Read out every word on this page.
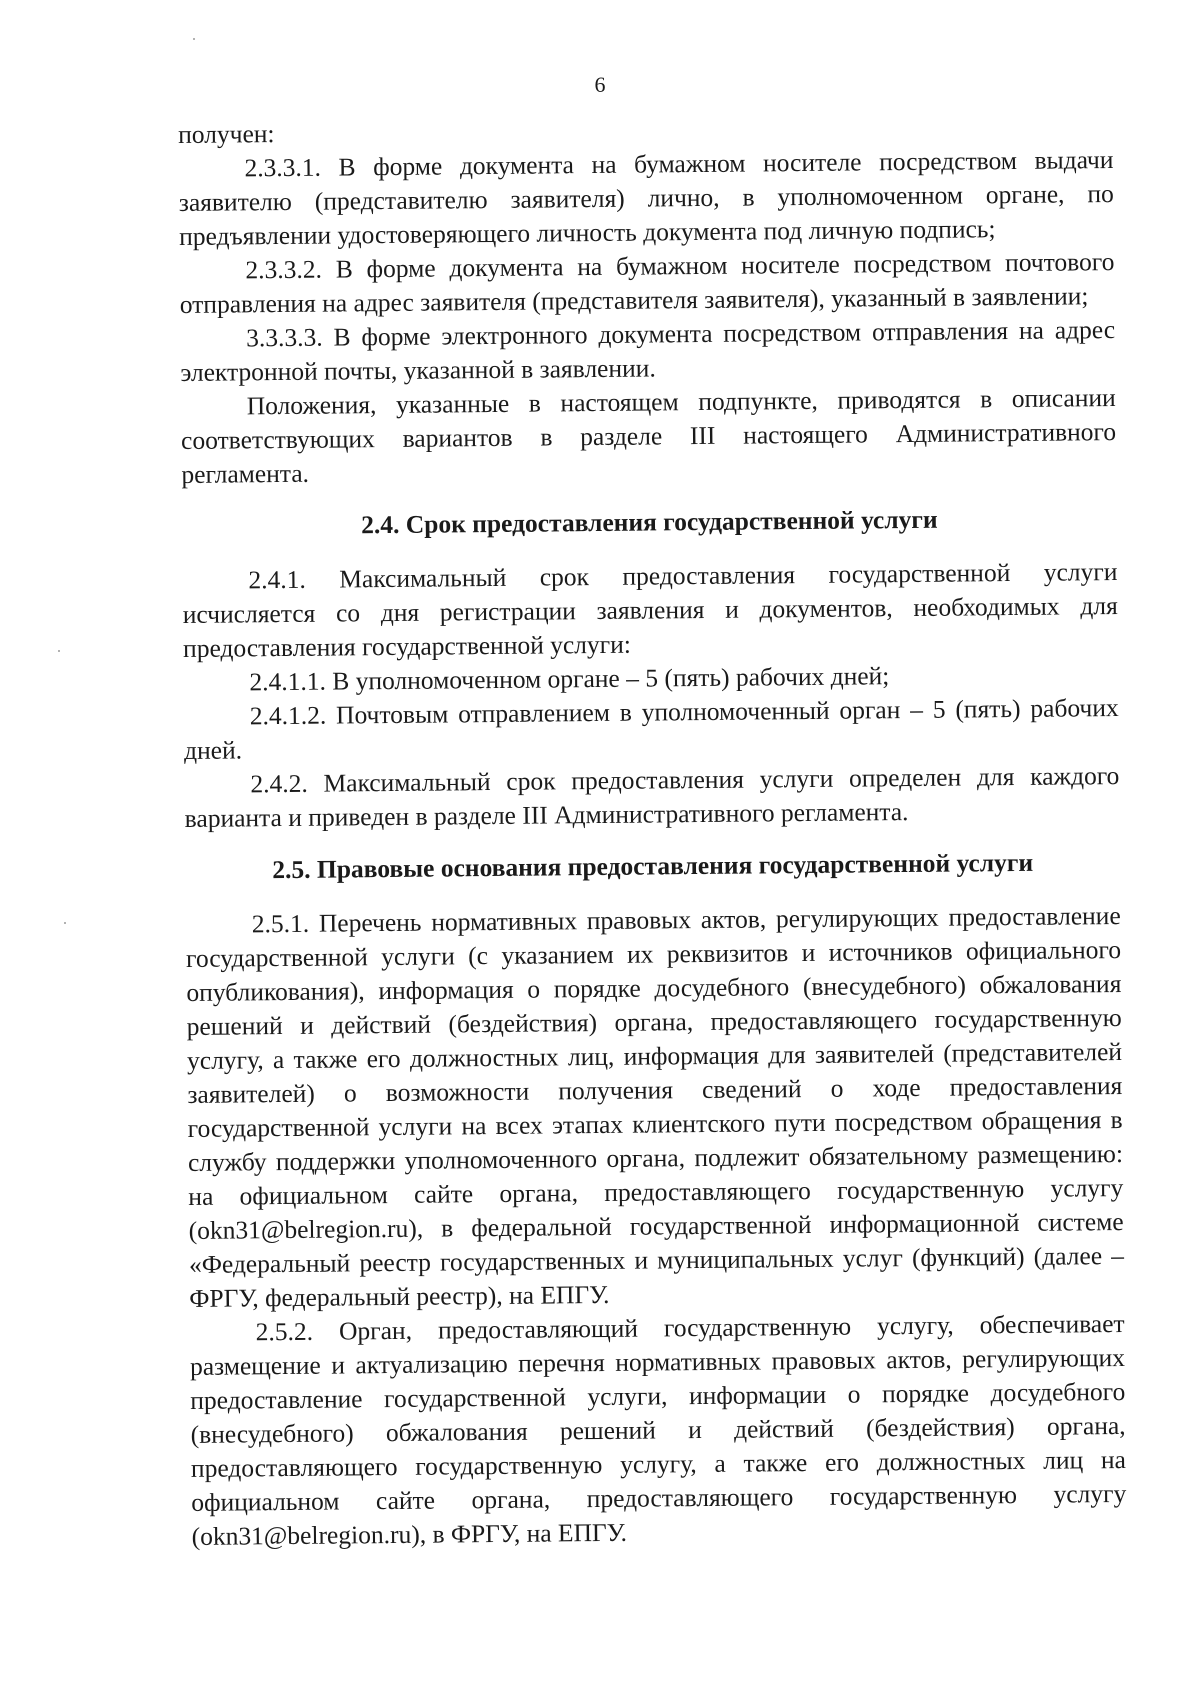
6

получен:

2.3.3.1. В форме документа на бумажном носителе посредством выдачи заявителю (представителю заявителя) лично, в уполномоченном органе, по предъявлении удостоверяющего личность документа под личную подпись;

2.3.3.2. В форме документа на бумажном носителе посредством почтового отправления на адрес заявителя (представителя заявителя), указанный в заявлении;

3.3.3.3. В форме электронного документа посредством отправления на адрес электронной почты, указанной в заявлении.

Положения, указанные в настоящем подпункте, приводятся в описании соответствующих вариантов в разделе III настоящего Административного регламента.

2.4. Срок предоставления государственной услуги

2.4.1. Максимальный срок предоставления государственной услуги исчисляется со дня регистрации заявления и документов, необходимых для предоставления государственной услуги:

2.4.1.1. В уполномоченном органе – 5 (пять) рабочих дней;

2.4.1.2. Почтовым отправлением в уполномоченный орган – 5 (пять) рабочих дней.

2.4.2. Максимальный срок предоставления услуги определен для каждого варианта и приведен в разделе III Административного регламента.

2.5. Правовые основания предоставления государственной услуги

2.5.1. Перечень нормативных правовых актов, регулирующих предоставление государственной услуги (с указанием их реквизитов и источников официального опубликования), информация о порядке досудебного (внесудебного) обжалования решений и действий (бездействия) органа, предоставляющего государственную услугу, а также его должностных лиц, информация для заявителей (представителей заявителей) о возможности получения сведений о ходе предоставления государственной услуги на всех этапах клиентского пути посредством обращения в службу поддержки уполномоченного органа, подлежит обязательному размещению: на официальном сайте органа, предоставляющего государственную услугу (okn31@belregion.ru), в федеральной государственной информационной системе «Федеральный реестр государственных и муниципальных услуг (функций) (далее – ФРГУ, федеральный реестр), на ЕПГУ.

2.5.2. Орган, предоставляющий государственную услугу, обеспечивает размещение и актуализацию перечня нормативных правовых актов, регулирующих предоставление государственной услуги, информации о порядке досудебного (внесудебного) обжалования решений и действий (бездействия) органа, предоставляющего государственную услугу, а также его должностных лиц на официальном сайте органа, предоставляющего государственную услугу (okn31@belregion.ru), в ФРГУ, на ЕПГУ.
